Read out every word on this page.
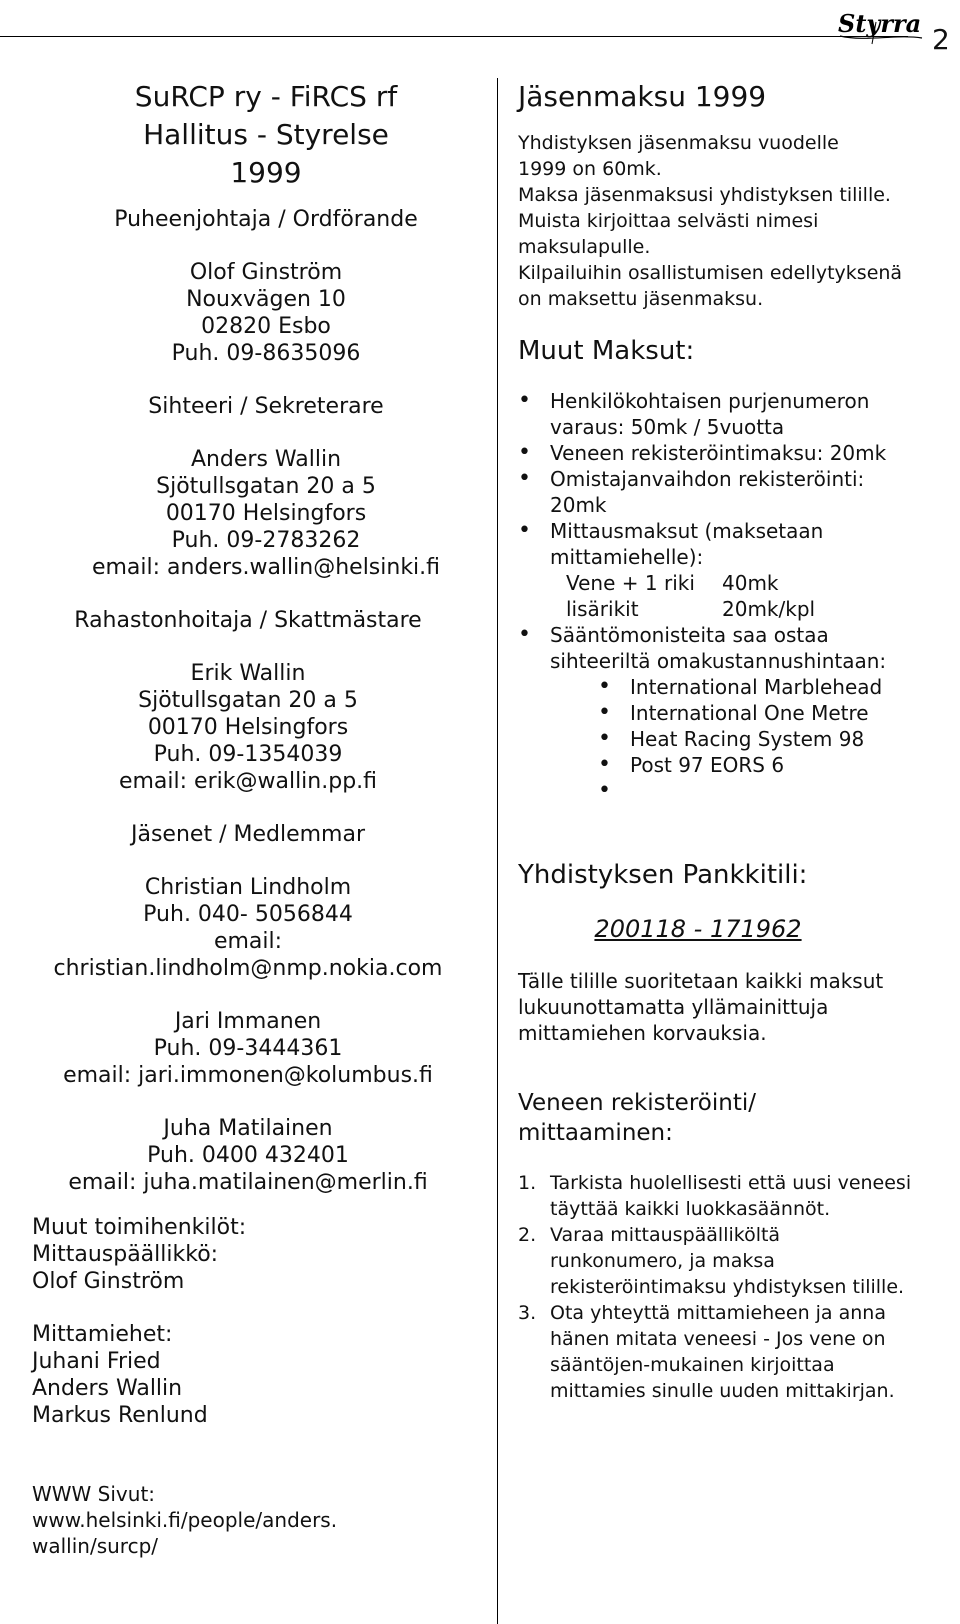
Styrra 2
SuRCP ry - FiRCS rf
Hallitus - Styrelse
1999
Puheenjohtaja / Ordförande
Olof Ginström
Nouxvägen 10
02820 Esbo
Puh. 09-8635096
Sihteeri / Sekreterare
Anders Wallin
Sjötullsgatan 20 a 5
00170 Helsingfors
Puh. 09-2783262
email: anders.wallin@helsinki.fi
Rahastonhoitaja / Skattmästare
Erik Wallin
Sjötullsgatan 20 a 5
00170 Helsingfors
Puh. 09-1354039
email: erik@wallin.pp.fi
Jäsenet / Medlemmar
Christian Lindholm
Puh. 040- 5056844
email:
christian.lindholm@nmp.nokia.com
Jari Immanen
Puh. 09-3444361
email: jari.immonen@kolumbus.fi
Juha Matilainen
Puh. 0400 432401
email: juha.matilainen@merlin.fi
Muut toimihenkilöt:
Mittauspäällikkö:
Olof Ginström
Mittamiehet:
Juhani Fried
Anders Wallin
Markus Renlund
WWW Sivut:
www.helsinki.fi/people/anders.
wallin/surcp/
Jäsenmaksu 1999
Yhdistyksen jäsenmaksu vuodelle
1999 on 60mk.
Maksa jäsenmaksusi yhdistyksen tilille.
Muista kirjoittaa selvästi nimesi
maksulapulle.
Kilpailuihin osallistumisen edellytyksenä
on maksettu jäsenmaksu.
Muut Maksut:
• Henkilökohtaisen purjenumeron
varaus: 50mk / 5vuotta
• Veneen rekisteröintimaksu: 20mk
• Omistajanvaihdon rekisteröinti:
20mk
• Mittausmaksut (maksetaan
mittamiehelle):
Vene + 1 riki	40mk
lisärikit	20mk/kpl
• Sääntömonisteita saa ostaa
sihteeriltä omakustannushintaan:
• International Marblehead
• International One Metre
• Heat Racing System 98
• Post 97 EORS 6
•
Yhdistyksen Pankkitili:
200118 - 171962
Tälle tilille suoritetaan kaikki maksut
lukuunottamatta yllämainittuja
mittamiehen korvauksia.
Veneen rekisteröinti/
mittaaminen:
1. Tarkista huolellisesti että uusi veneesi
täyttää kaikki luokkasäännöt.
2. Varaa mittauspäälliköltä
runkonumero, ja maksa
rekisteröintimaksu yhdistyksen tilille.
3. Ota yhteyttä mittamieheen ja anna
hänen mitata veneesi - Jos vene on
sääntöjen-mukainen kirjoittaa
mittamies sinulle uuden mittakirjan.
